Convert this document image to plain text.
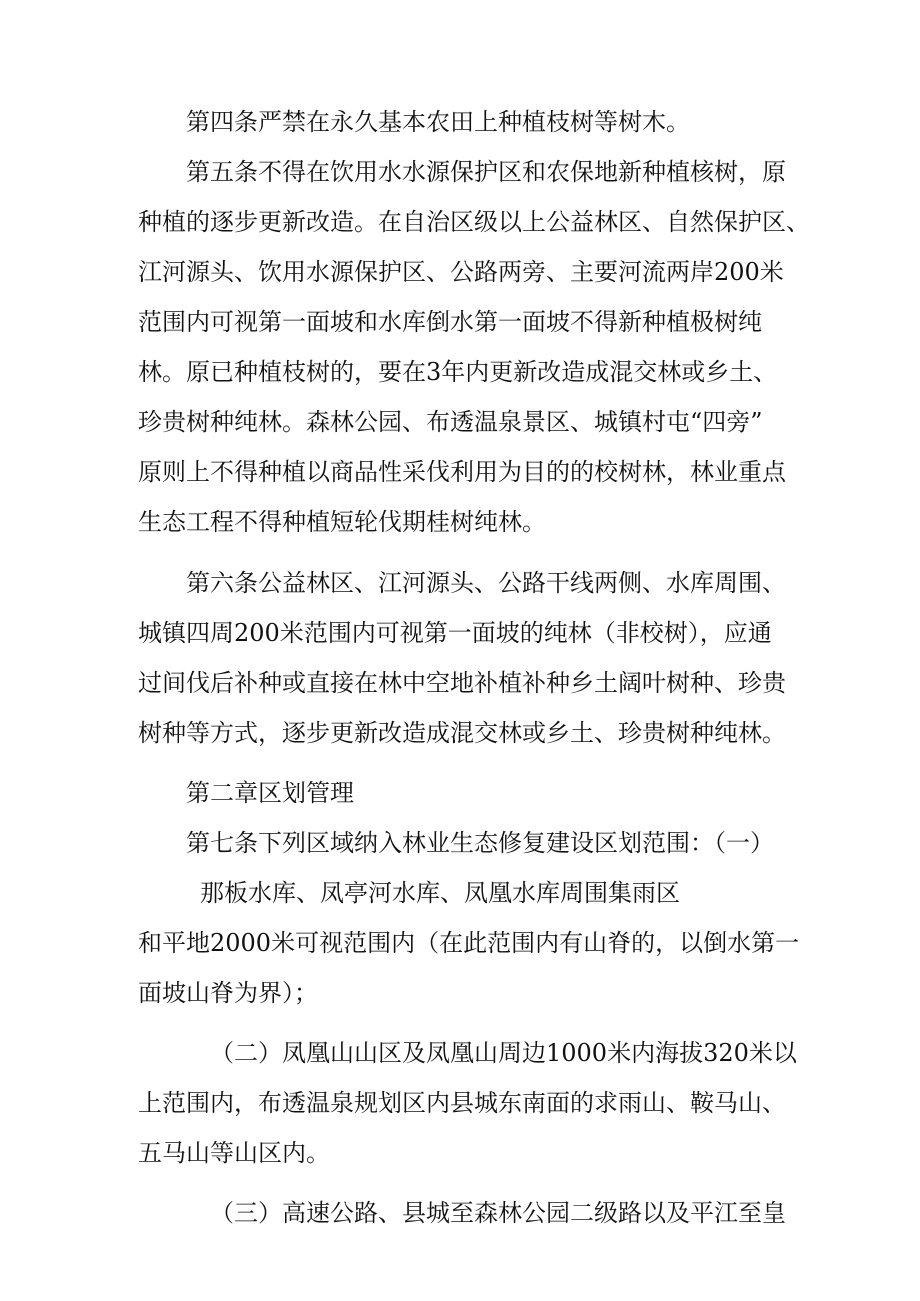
第四条严禁在永久基本农田上种植枝树等树木。
第五条不得在饮用水水源保护区和农保地新种植核树，原
种植的逐步更新改造。在自治区级以上公益林区、自然保护区、
江河源头、饮用水源保护区、公路两旁、主要河流两岸200米
范围内可视第一面坡和水库倒水第一面坡不得新种植极树纯
林。原已种植枝树的，要在3年内更新改造成混交林或乡土、
珍贵树种纯林。森林公园、布透温泉景区、城镇村屯“四旁”
原则上不得种植以商品性采伐利用为目的的校树林，林业重点
生态工程不得种植短轮伐期桂树纯林。
第六条公益林区、江河源头、公路干线两侧、水库周围、
城镇四周200米范围内可视第一面坡的纯林（非校树），应通
过间伐后补种或直接在林中空地补植补种乡土阔叶树种、珍贵
树种等方式，逐步更新改造成混交林或乡土、珍贵树种纯林。
第二章区划管理
第七条下列区域纳入林业生态修复建设区划范围：（一）
那板水库、凤亭河水库、凤凰水库周围集雨区
和平地2000米可视范围内（在此范围内有山脊的，以倒水第一
面坡山脊为界）；
（二）凤凰山山区及凤凰山周边1000米内海拔320米以
上范围内，布透温泉规划区内县城东南面的求雨山、鞍马山、
五马山等山区内。
（三）高速公路、县城至森林公园二级路以及平江至皇
